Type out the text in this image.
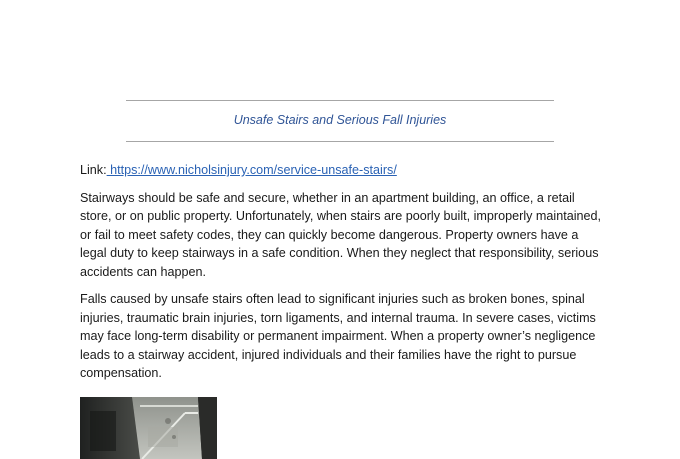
Unsafe Stairs and Serious Fall Injuries

Link: https://www.nicholsinjury.com/service-unsafe-stairs/

Stairways should be safe and secure, whether in an apartment building, an office, a retail store, or on public property. Unfortunately, when stairs are poorly built, improperly maintained, or fail to meet safety codes, they can quickly become dangerous. Property owners have a legal duty to keep stairways in a safe condition. When they neglect that responsibility, serious accidents can happen.

Falls caused by unsafe stairs often lead to significant injuries such as broken bones, spinal injuries, traumatic brain injuries, torn ligaments, and internal trauma. In severe cases, victims may face long-term disability or permanent impairment. When a property owner’s negligence leads to a stairway accident, injured individuals and their families have the right to pursue compensation.
